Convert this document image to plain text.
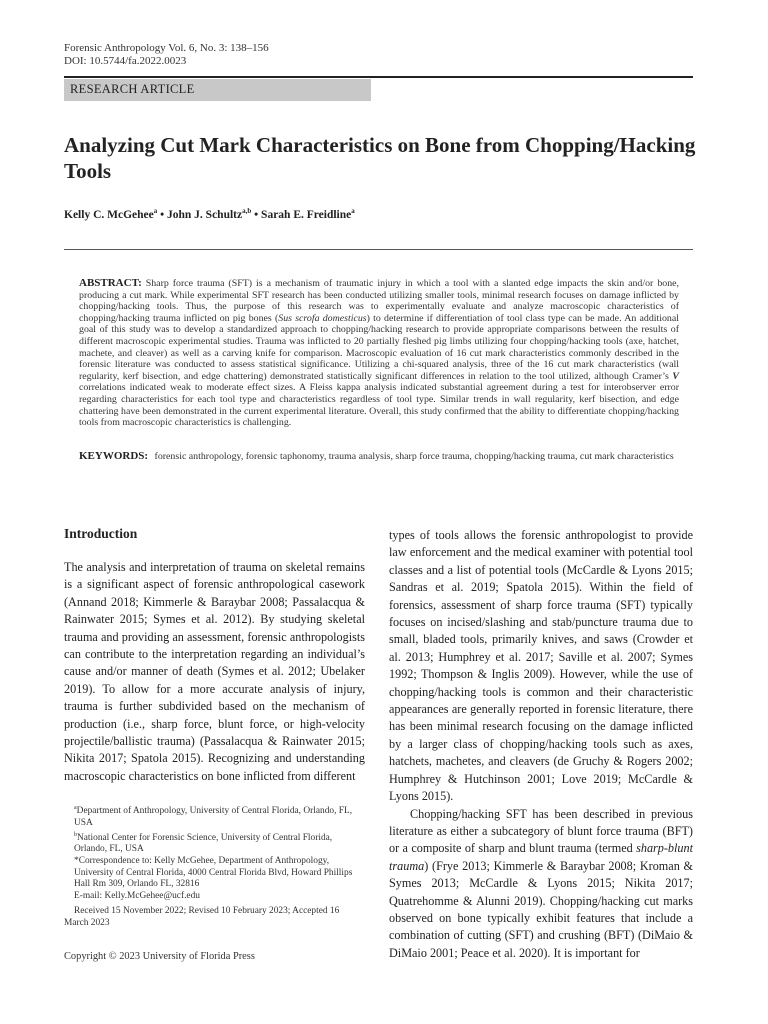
Forensic Anthropology Vol. 6, No. 3: 138–156
DOI: 10.5744/fa.2022.0023
RESEARCH ARTICLE
Analyzing Cut Mark Characteristics on Bone from Chopping/Hacking Tools
Kelly C. McGehee$^a$ • John J. Schultz$^{a,b}$ • Sarah E. Freidline$^a$
ABSTRACT: Sharp force trauma (SFT) is a mechanism of traumatic injury in which a tool with a slanted edge impacts the skin and/or bone, producing a cut mark. While experimental SFT research has been conducted utilizing smaller tools, minimal research focuses on damage inflicted by chopping/hacking tools. Thus, the purpose of this research was to experimentally evaluate and analyze macroscopic characteristics of chopping/hacking trauma inflicted on pig bones (Sus scrofa domesticus) to determine if differentiation of tool class type can be made. An additional goal of this study was to develop a standardized approach to chopping/hacking research to provide appropriate comparisons between the results of different macroscopic experimental studies. Trauma was inflicted to 20 partially fleshed pig limbs utilizing four chopping/hacking tools (axe, hatchet, machete, and cleaver) as well as a carving knife for comparison. Macroscopic evaluation of 16 cut mark characteristics commonly described in the forensic literature was conducted to assess statistical significance. Utilizing a chi-squared analysis, three of the 16 cut mark characteristics (wall regularity, kerf bisection, and edge chattering) demonstrated statistically significant differences in relation to the tool utilized, although Cramer’s V correlations indicated weak to moderate effect sizes. A Fleiss kappa analysis indicated substantial agreement during a test for interobserver error regarding characteristics for each tool type and characteristics regardless of tool type. Similar trends in wall regularity, kerf bisection, and edge chattering have been demonstrated in the current experimental literature. Overall, this study confirmed that the ability to differentiate chopping/hacking tools from macroscopic characteristics is challenging.
KEYWORDS: forensic anthropology, forensic taphonomy, trauma analysis, sharp force trauma, chopping/hacking trauma, cut mark characteristics
Introduction

The analysis and interpretation of trauma on skeletal remains is a significant aspect of forensic anthropological casework (Annand 2018; Kimmerle & Baraybar 2008; Passalacqua & Rainwater 2015; Symes et al. 2012). By studying skeletal trauma and providing an assessment, forensic anthropologists can contribute to the interpretation regarding an individual’s cause and/or manner of death (Symes et al. 2012; Ubelaker 2019). To allow for a more accurate analysis of injury, trauma is further subdivided based on the mechanism of production (i.e., sharp force, blunt force, or high-velocity projectile/ballistic trauma) (Passalacqua & Rainwater 2015; Nikita 2017; Spatola 2015). Recognizing and understanding macroscopic characteristics on bone inflicted from different

types of tools allows the forensic anthropologist to provide law enforcement and the medical examiner with potential tool classes and a list of potential tools (McCardle & Lyons 2015; Sandras et al. 2019; Spatola 2015). Within the field of forensics, assessment of sharp force trauma (SFT) typically focuses on incised/slashing and stab/puncture trauma due to small, bladed tools, primarily knives, and saws (Crowder et al. 2013; Humphrey et al. 2017; Saville et al. 2007; Symes 1992; Thompson & Inglis 2009). However, while the use of chopping/hacking tools is common and their characteristic appearances are generally reported in forensic literature, there has been minimal research focusing on the damage inflicted by a larger class of chopping/hacking tools such as axes, hatchets, machetes, and cleavers (de Gruchy & Rogers 2002; Humphrey & Hutchinson 2001; Love 2019; McCardle & Lyons 2015).

Chopping/hacking SFT has been described in previous literature as either a subcategory of blunt force trauma (BFT) or a composite of sharp and blunt trauma (termed sharp-blunt trauma) (Frye 2013; Kimmerle & Baraybar 2008; Kroman & Symes 2013; McCardle & Lyons 2015; Nikita 2017; Quatrehomme & Alunni 2019). Chopping/hacking cut marks observed on bone typically exhibit features that include a combination of cutting (SFT) and crushing (BFT) (DiMaio & DiMaio 2001; Peace et al. 2020). It is important for

$^a$Department of Anthropology, University of Central Florida, Orlando, FL, USA
$^b$National Center for Forensic Science, University of Central Florida, Orlando, FL, USA
*Correspondence to: Kelly McGehee, Department of Anthropology, University of Central Florida, 4000 Central Florida Blvd, Howard Phillips Hall Rm 309, Orlando FL, 32816
E-mail: Kelly.McGehee@ucf.edu
Received 15 November 2022; Revised 10 February 2023; Accepted 16 March 2023
Copyright © 2023 University of Florida Press
